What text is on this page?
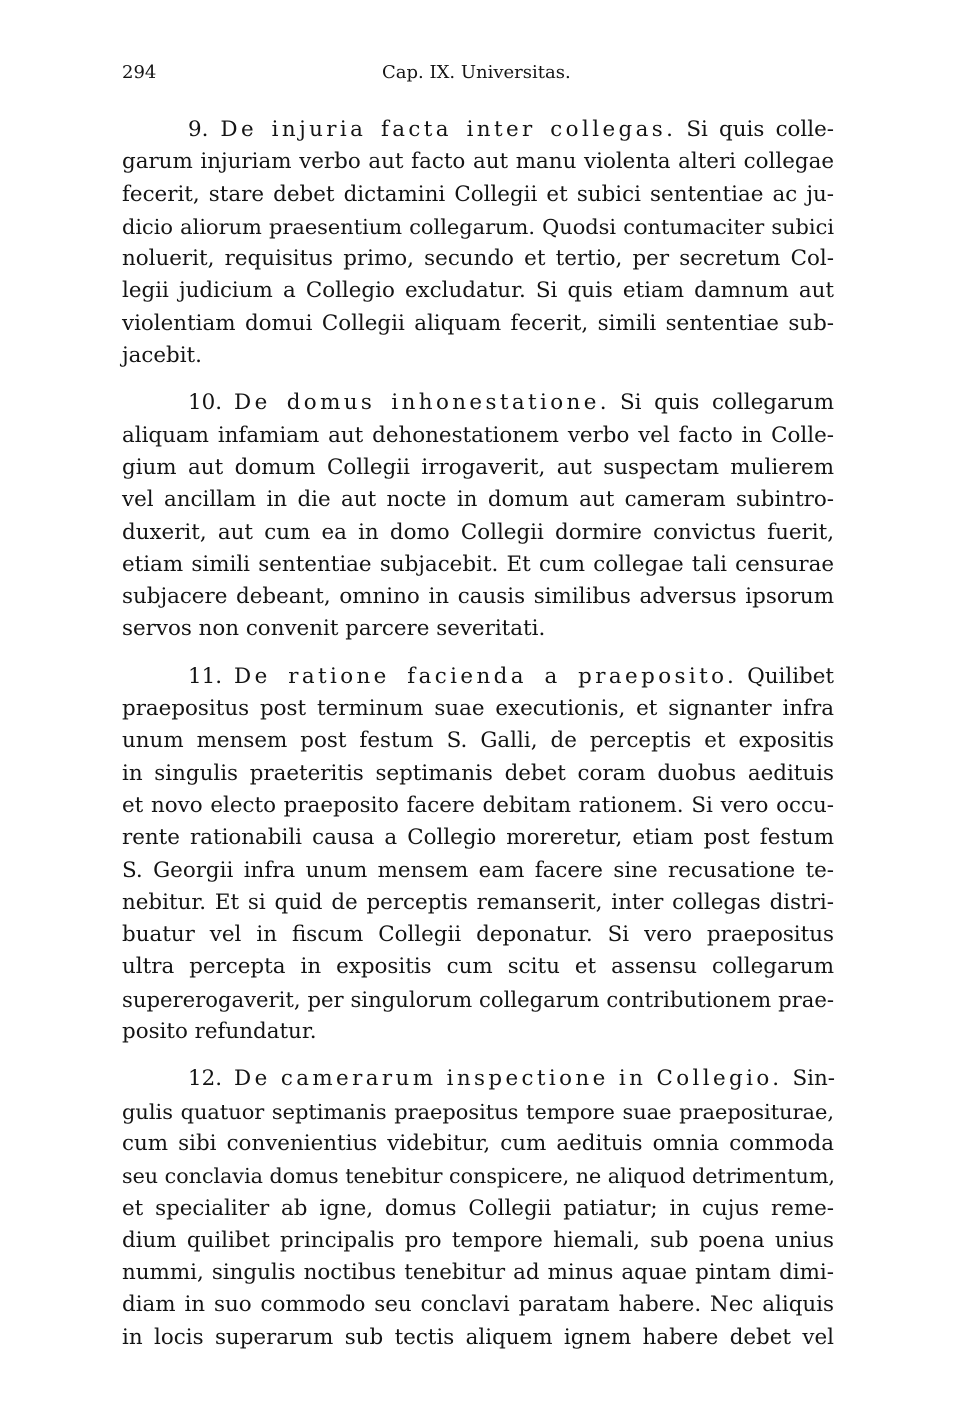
294	Cap. IX. Universitas.
9. De injuria facta inter collegas. Si quis colle-
garum injuriam verbo aut facto aut manu violenta alteri collegae
fecerit, stare debet dictamini Collegii et subici sententiae ac ju-
dicio aliorum praesentium collegarum. Quodsi contumaciter subici
noluerit, requisitus primo, secundo et tertio, per secretum Col-
legii judicium a Collegio excludatur. Si quis etiam damnum aut
violentiam domui Collegii aliquam fecerit, simili sententiae sub-
jacebit.
10. De domus inhonestatione. Si quis collegarum
aliquam infamiam aut dehonestationem verbo vel facto in Colle-
gium aut domum Collegii irrogaverit, aut suspectam mulierem
vel ancillam in die aut nocte in domum aut cameram subintro-
duxerit, aut cum ea in domo Collegii dormire convictus fuerit,
etiam simili sententiae subjacebit. Et cum collegae tali censurae
subjacere debeant, omnino in causis similibus adversus ipsorum
servos non convenit parcere severitati.
11. De ratione facienda a praeposito. Quilibet
praepositus post terminum suae executionis, et signanter infra
unum mensem post festum S. Galli, de perceptis et expositis
in singulis praeteritis septimanis debet coram duobus aedituis
et novo electo praeposito facere debitam rationem. Si vero occu-
rente rationabili causa a Collegio moreretur, etiam post festum
S. Georgii infra unum mensem eam facere sine recusatione te-
nebitur. Et si quid de perceptis remanserit, inter collegas distri-
buatur vel in fiscum Collegii deponatur. Si vero praepositus
ultra percepta in expositis cum scitu et assensu collegarum
supererogaverit, per singulorum collegarum contributionem prae-
posito refundatur.
12. De camerarum inspectione in Collegio. Sin-
gulis quatuor septimanis praepositus tempore suae praepositurae,
cum sibi convenientius videbitur, cum aedituis omnia commoda
seu conclavia domus tenebitur conspicere, ne aliquod detrimentum,
et specialiter ab igne, domus Collegii patiatur; in cujus reme-
dium quilibet principalis pro tempore hiemali, sub poena unius
nummi, singulis noctibus tenebitur ad minus aquae pintam dimi-
diam in suo commodo seu conclavi paratam habere. Nec aliquis
in locis superarum sub tectis aliquem ignem habere debet vel
